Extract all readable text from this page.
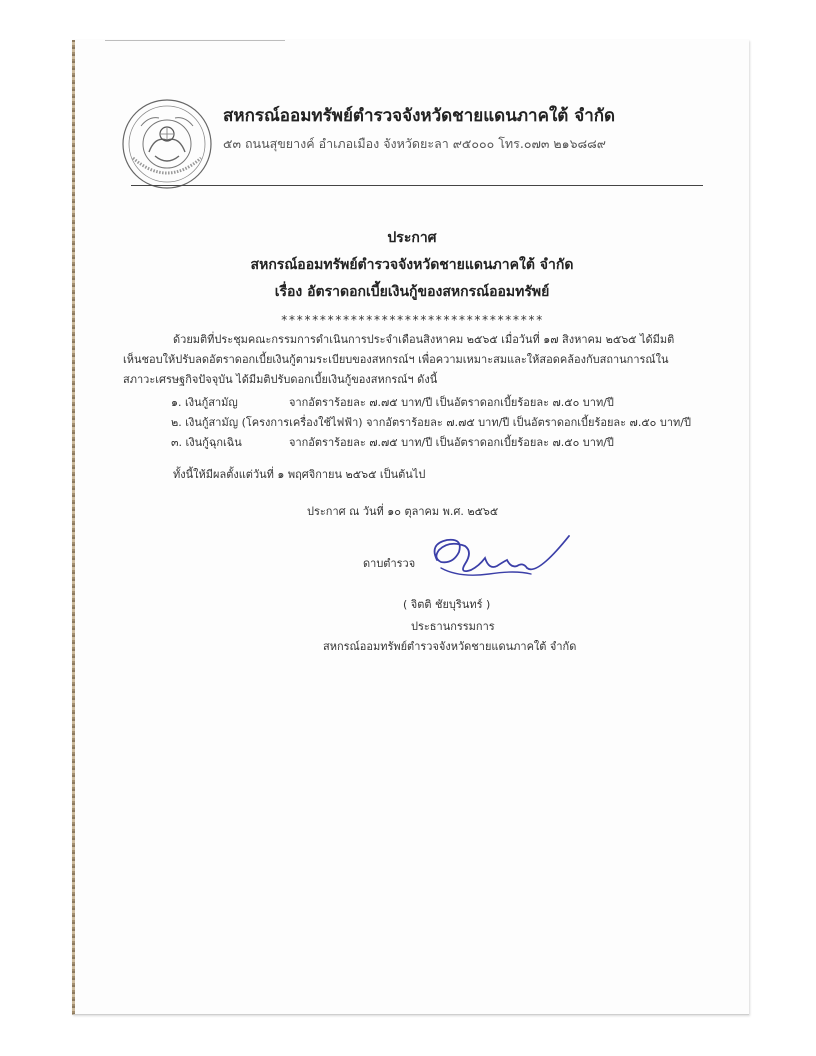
สหกรณ์ออมทรัพย์ตำรวจจังหวัดชายแดนภาคใต้ จำกัด
๕๓ ถนนสุขยางค์ อำเภอเมือง จังหวัดยะลา ๙๕๐๐๐ โทร.๐๗๓ ๒๑๖๘๘๙
ประกาศ
สหกรณ์ออมทรัพย์ตำรวจจังหวัดชายแดนภาคใต้ จำกัด
เรื่อง อัตราดอกเบี้ยเงินกู้ของสหกรณ์ออมทรัพย์
**********************************
ด้วยมติที่ประชุมคณะกรรมการดำเนินการประจำเดือนสิงหาคม ๒๕๖๕ เมื่อวันที่ ๑๗ สิงหาคม ๒๕๖๕ ได้มีมติ
เห็นชอบให้ปรับลดอัตราดอกเบี้ยเงินกู้ตามระเบียบของสหกรณ์ฯ เพื่อความเหมาะสมและให้สอดคล้องกับสถานการณ์ใน
สภาวะเศรษฐกิจปัจจุบัน ได้มีมติปรับดอกเบี้ยเงินกู้ของสหกรณ์ฯ ดังนี้
๑. เงินกู้สามัญ	จากอัตราร้อยละ ๗.๗๕ บาท/ปี เป็นอัตราดอกเบี้ยร้อยละ ๗.๕๐ บาท/ปี
๒. เงินกู้สามัญ (โครงการเครื่องใช้ไฟฟ้า) จากอัตราร้อยละ ๗.๗๕ บาท/ปี เป็นอัตราดอกเบี้ยร้อยละ ๗.๕๐ บาท/ปี
๓. เงินกู้ฉุกเฉิน	จากอัตราร้อยละ ๗.๗๕ บาท/ปี เป็นอัตราดอกเบี้ยร้อยละ ๗.๕๐ บาท/ปี
ทั้งนี้ให้มีผลตั้งแต่วันที่ ๑ พฤศจิกายน ๒๕๖๕ เป็นต้นไป
ประกาศ ณ วันที่ ๑๐ ตุลาคม พ.ศ. ๒๕๖๕
ดาบตำรวจ
( จิตติ ชัยบุรินทร์ )
ประธานกรรมการ
สหกรณ์ออมทรัพย์ตำรวจจังหวัดชายแดนภาคใต้ จำกัด
